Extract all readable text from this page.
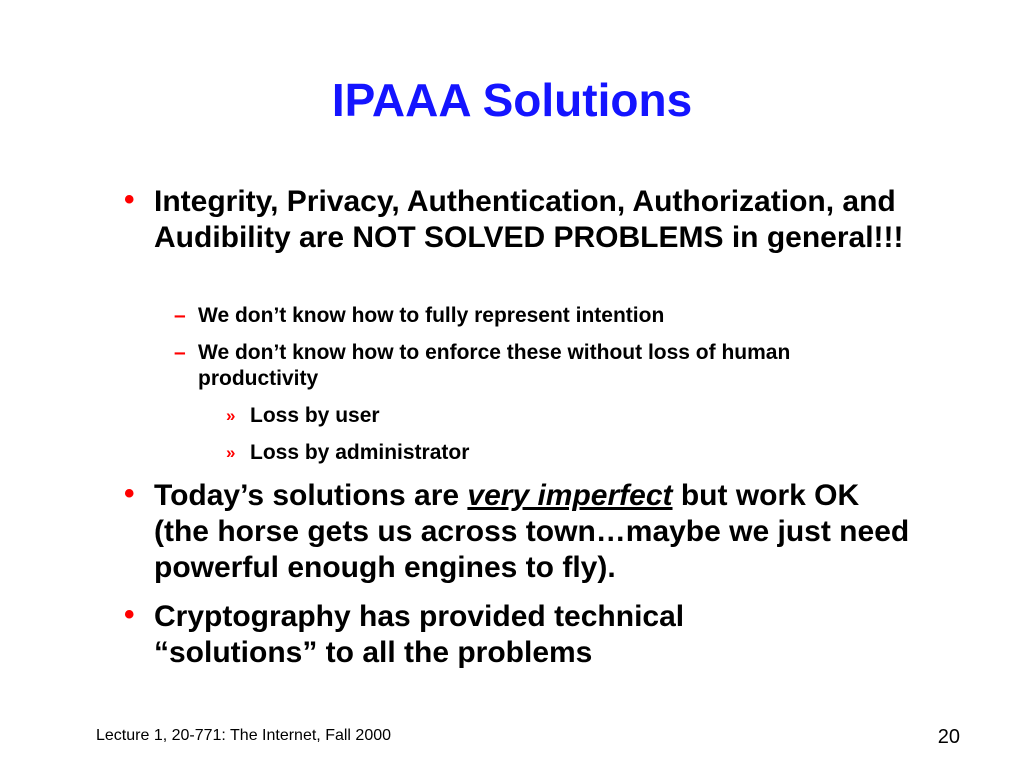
IPAAA Solutions
• Integrity, Privacy, Authentication, Authorization, and Audibility are NOT SOLVED PROBLEMS in general!!!
– We don’t know how to fully represent intention
– We don’t know how to enforce these without loss of human productivity
» Loss by user
» Loss by administrator
• Today’s solutions are very imperfect but work OK (the horse gets us across town…maybe we just need powerful enough engines to fly).
• Cryptography has provided technical “solutions” to all the problems
Lecture 1, 20-771: The Internet, Fall 2000	20
